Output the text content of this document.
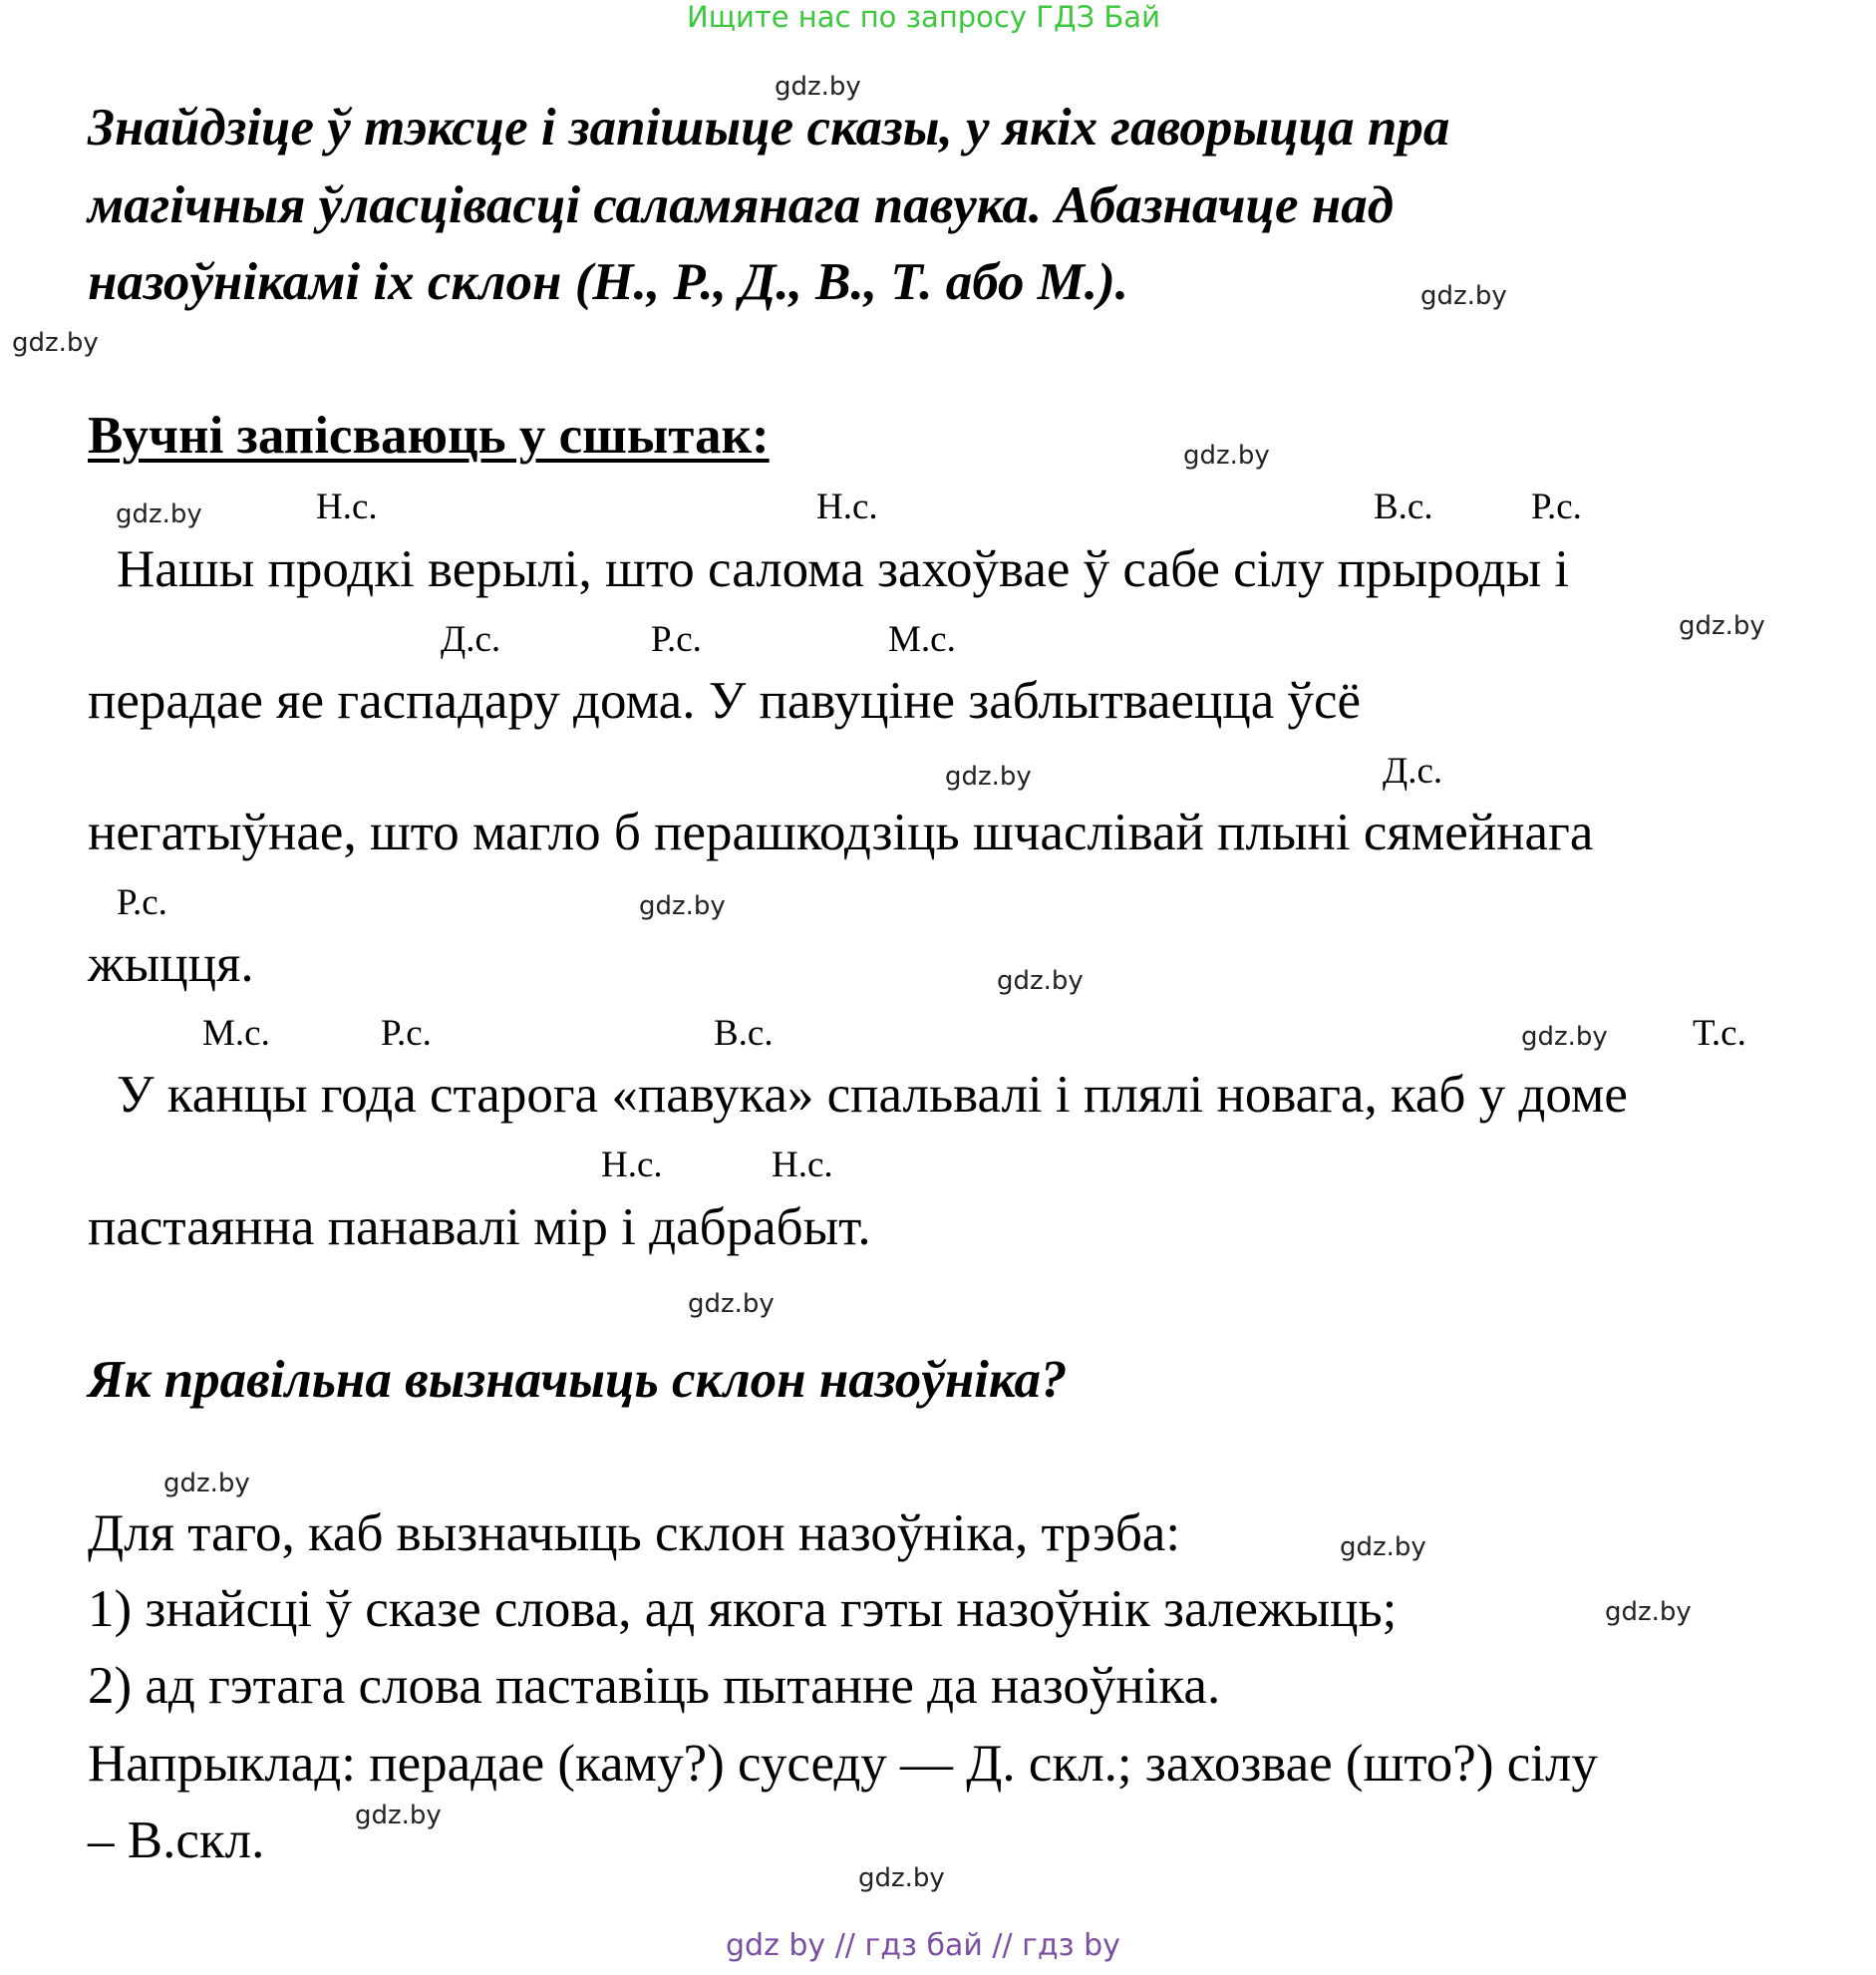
Ищите нас по запросу ГДЗ Бай
gdz.by
gdz.by
gdz.by
gdz.by
gdz.by
gdz.by
gdz.by
gdz.by
gdz.by
gdz.by
gdz.by
gdz.by
gdz.by
gdz.by
gdz.by
gdz.by
Знайдзіце ў тэксце і запішыце сказы, у якіх гаворыцца пра
магічныя ўласцівасці саламянага павука. Абазначце над
назоўнікамі іх склон (Н., Р., Д., В., Т. або М.).
Вучні запісваюць у сшытак:
Н.с.	Н.с.	В.с.	Р.с.
Нашы продкі верылі, што салома захоўвае ў сабе сілу прыроды і
Д.с.	Р.с.	М.с.
перадае яе гаспадару дома. У павуціне заблытваецца ўсё
Д.с.
негатыўнае, што магло б перашкодзіць шчаслівай плыні сямейнага
Р.с.
жыцця.
М.с.	Р.с.	В.с.	Т.с.
У канцы года старога «павука» спальвалі і плялі новага, каб у доме
Н.с.	Н.с.
пастаянна панавалі мір і дабрабыт.
Як правільна вызначыць склон назоўніка?
Для таго, каб вызначыць склон назоўніка, трэба:
1) знайсці ў сказе слова, ад якога гэты назоўнік залежыць;
2) ад гэтага слова паставіць пытанне да назоўніка.
Напрыклад: перадае (каму?) суседу — Д. скл.; захозвае (што?) сілу
– В.скл.
gdz by // гдз бай // гдз by
